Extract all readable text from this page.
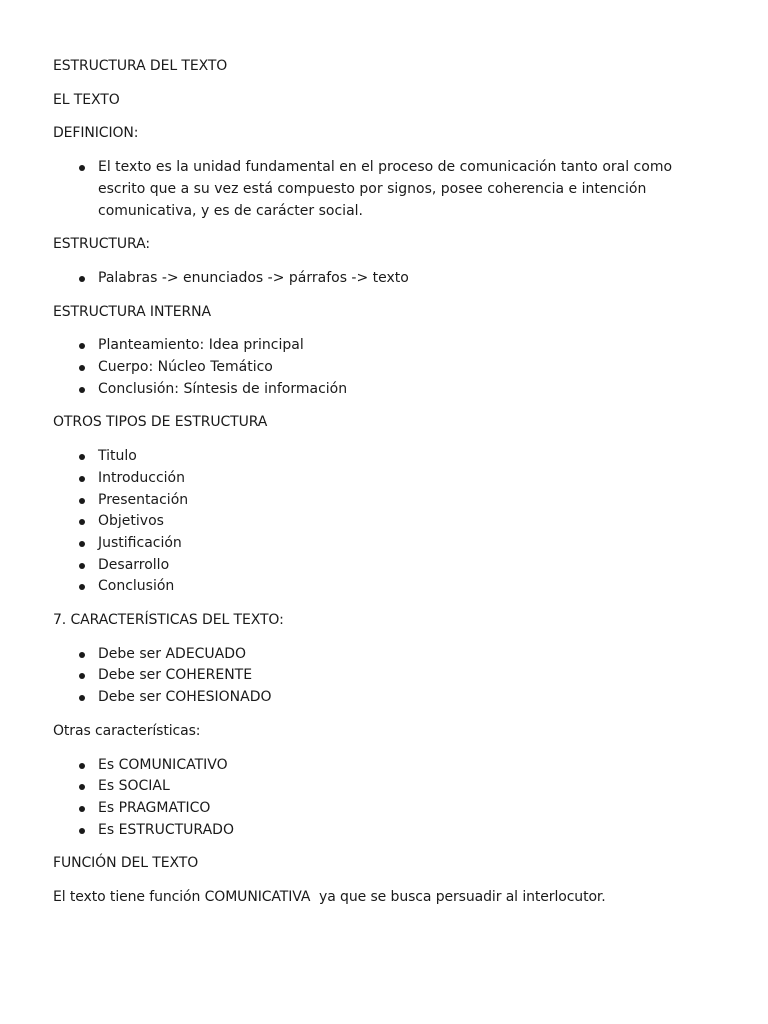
ESTRUCTURA DEL TEXTO

EL TEXTO

DEFINICION:

El texto es la unidad fundamental en el proceso de comunicación tanto oral como escrito que a su vez está compuesto por signos, posee coherencia e intención comunicativa, y es de carácter social.

ESTRUCTURA:

Palabras -> enunciados -> párrafos -> texto

ESTRUCTURA INTERNA

Planteamiento: Idea principal
Cuerpo: Núcleo Temático
Conclusión: Síntesis de información

OTROS TIPOS DE ESTRUCTURA

Titulo
Introducción
Presentación
Objetivos
Justificación
Desarrollo
Conclusión

7. CARACTERÍSTICAS DEL TEXTO:

Debe ser ADECUADO
Debe ser COHERENTE
Debe ser COHESIONADO

Otras características:

Es COMUNICATIVO
Es SOCIAL
Es PRAGMATICO
Es ESTRUCTURADO

FUNCIÓN DEL TEXTO

El texto tiene función COMUNICATIVA  ya que se busca persuadir al interlocutor.
